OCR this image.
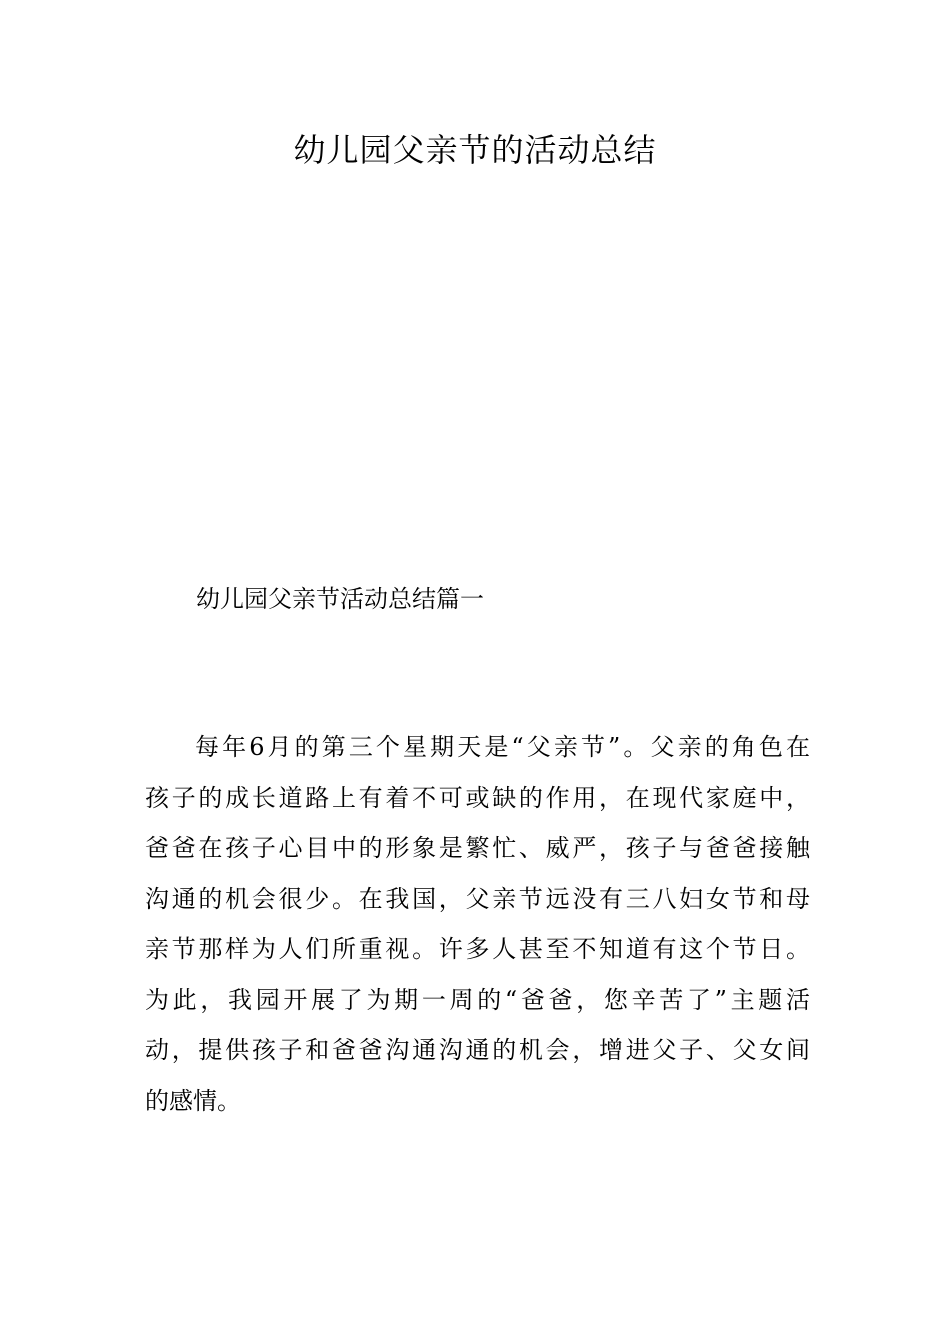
幼儿园父亲节的活动总结
幼儿园父亲节活动总结篇一
每年6月的第三个星期天是“父亲节”。父亲的角色在
孩子的成长道路上有着不可或缺的作用，在现代家庭中，
爸爸在孩子心目中的形象是繁忙、威严，孩子与爸爸接触
沟通的机会很少。在我国，父亲节远没有三八妇女节和母
亲节那样为人们所重视。许多人甚至不知道有这个节日。
为此，我园开展了为期一周的“爸爸，您辛苦了”主题活
动，提供孩子和爸爸沟通沟通的机会，增进父子、父女间
的感情。
